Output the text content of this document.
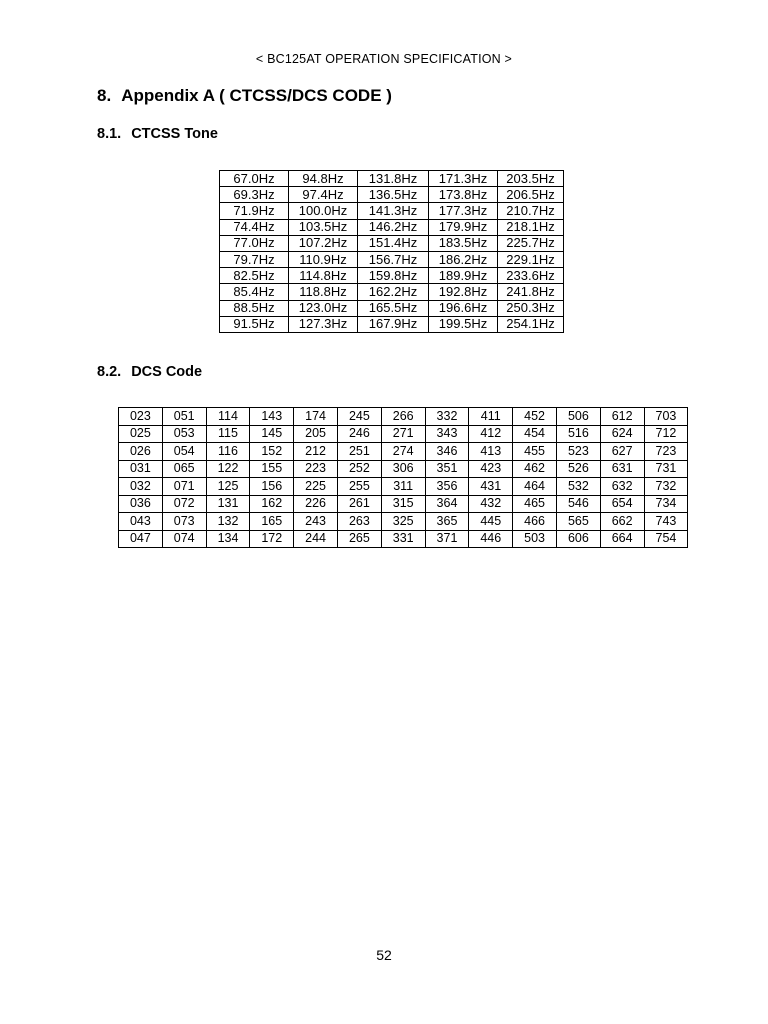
< BC125AT OPERATION SPECIFICATION >
8. Appendix A ( CTCSS/DCS CODE )
8.1. CTCSS Tone
67.0Hz	94.8Hz	131.8Hz	171.3Hz	203.5Hz
69.3Hz	97.4Hz	136.5Hz	173.8Hz	206.5Hz
71.9Hz	100.0Hz	141.3Hz	177.3Hz	210.7Hz
74.4Hz	103.5Hz	146.2Hz	179.9Hz	218.1Hz
77.0Hz	107.2Hz	151.4Hz	183.5Hz	225.7Hz
79.7Hz	110.9Hz	156.7Hz	186.2Hz	229.1Hz
82.5Hz	114.8Hz	159.8Hz	189.9Hz	233.6Hz
85.4Hz	118.8Hz	162.2Hz	192.8Hz	241.8Hz
88.5Hz	123.0Hz	165.5Hz	196.6Hz	250.3Hz
91.5Hz	127.3Hz	167.9Hz	199.5Hz	254.1Hz
8.2. DCS Code
023	051	114	143	174	245	266	332	411	452	506	612	703
025	053	115	145	205	246	271	343	412	454	516	624	712
026	054	116	152	212	251	274	346	413	455	523	627	723
031	065	122	155	223	252	306	351	423	462	526	631	731
032	071	125	156	225	255	311	356	431	464	532	632	732
036	072	131	162	226	261	315	364	432	465	546	654	734
043	073	132	165	243	263	325	365	445	466	565	662	743
047	074	134	172	244	265	331	371	446	503	606	664	754
52
